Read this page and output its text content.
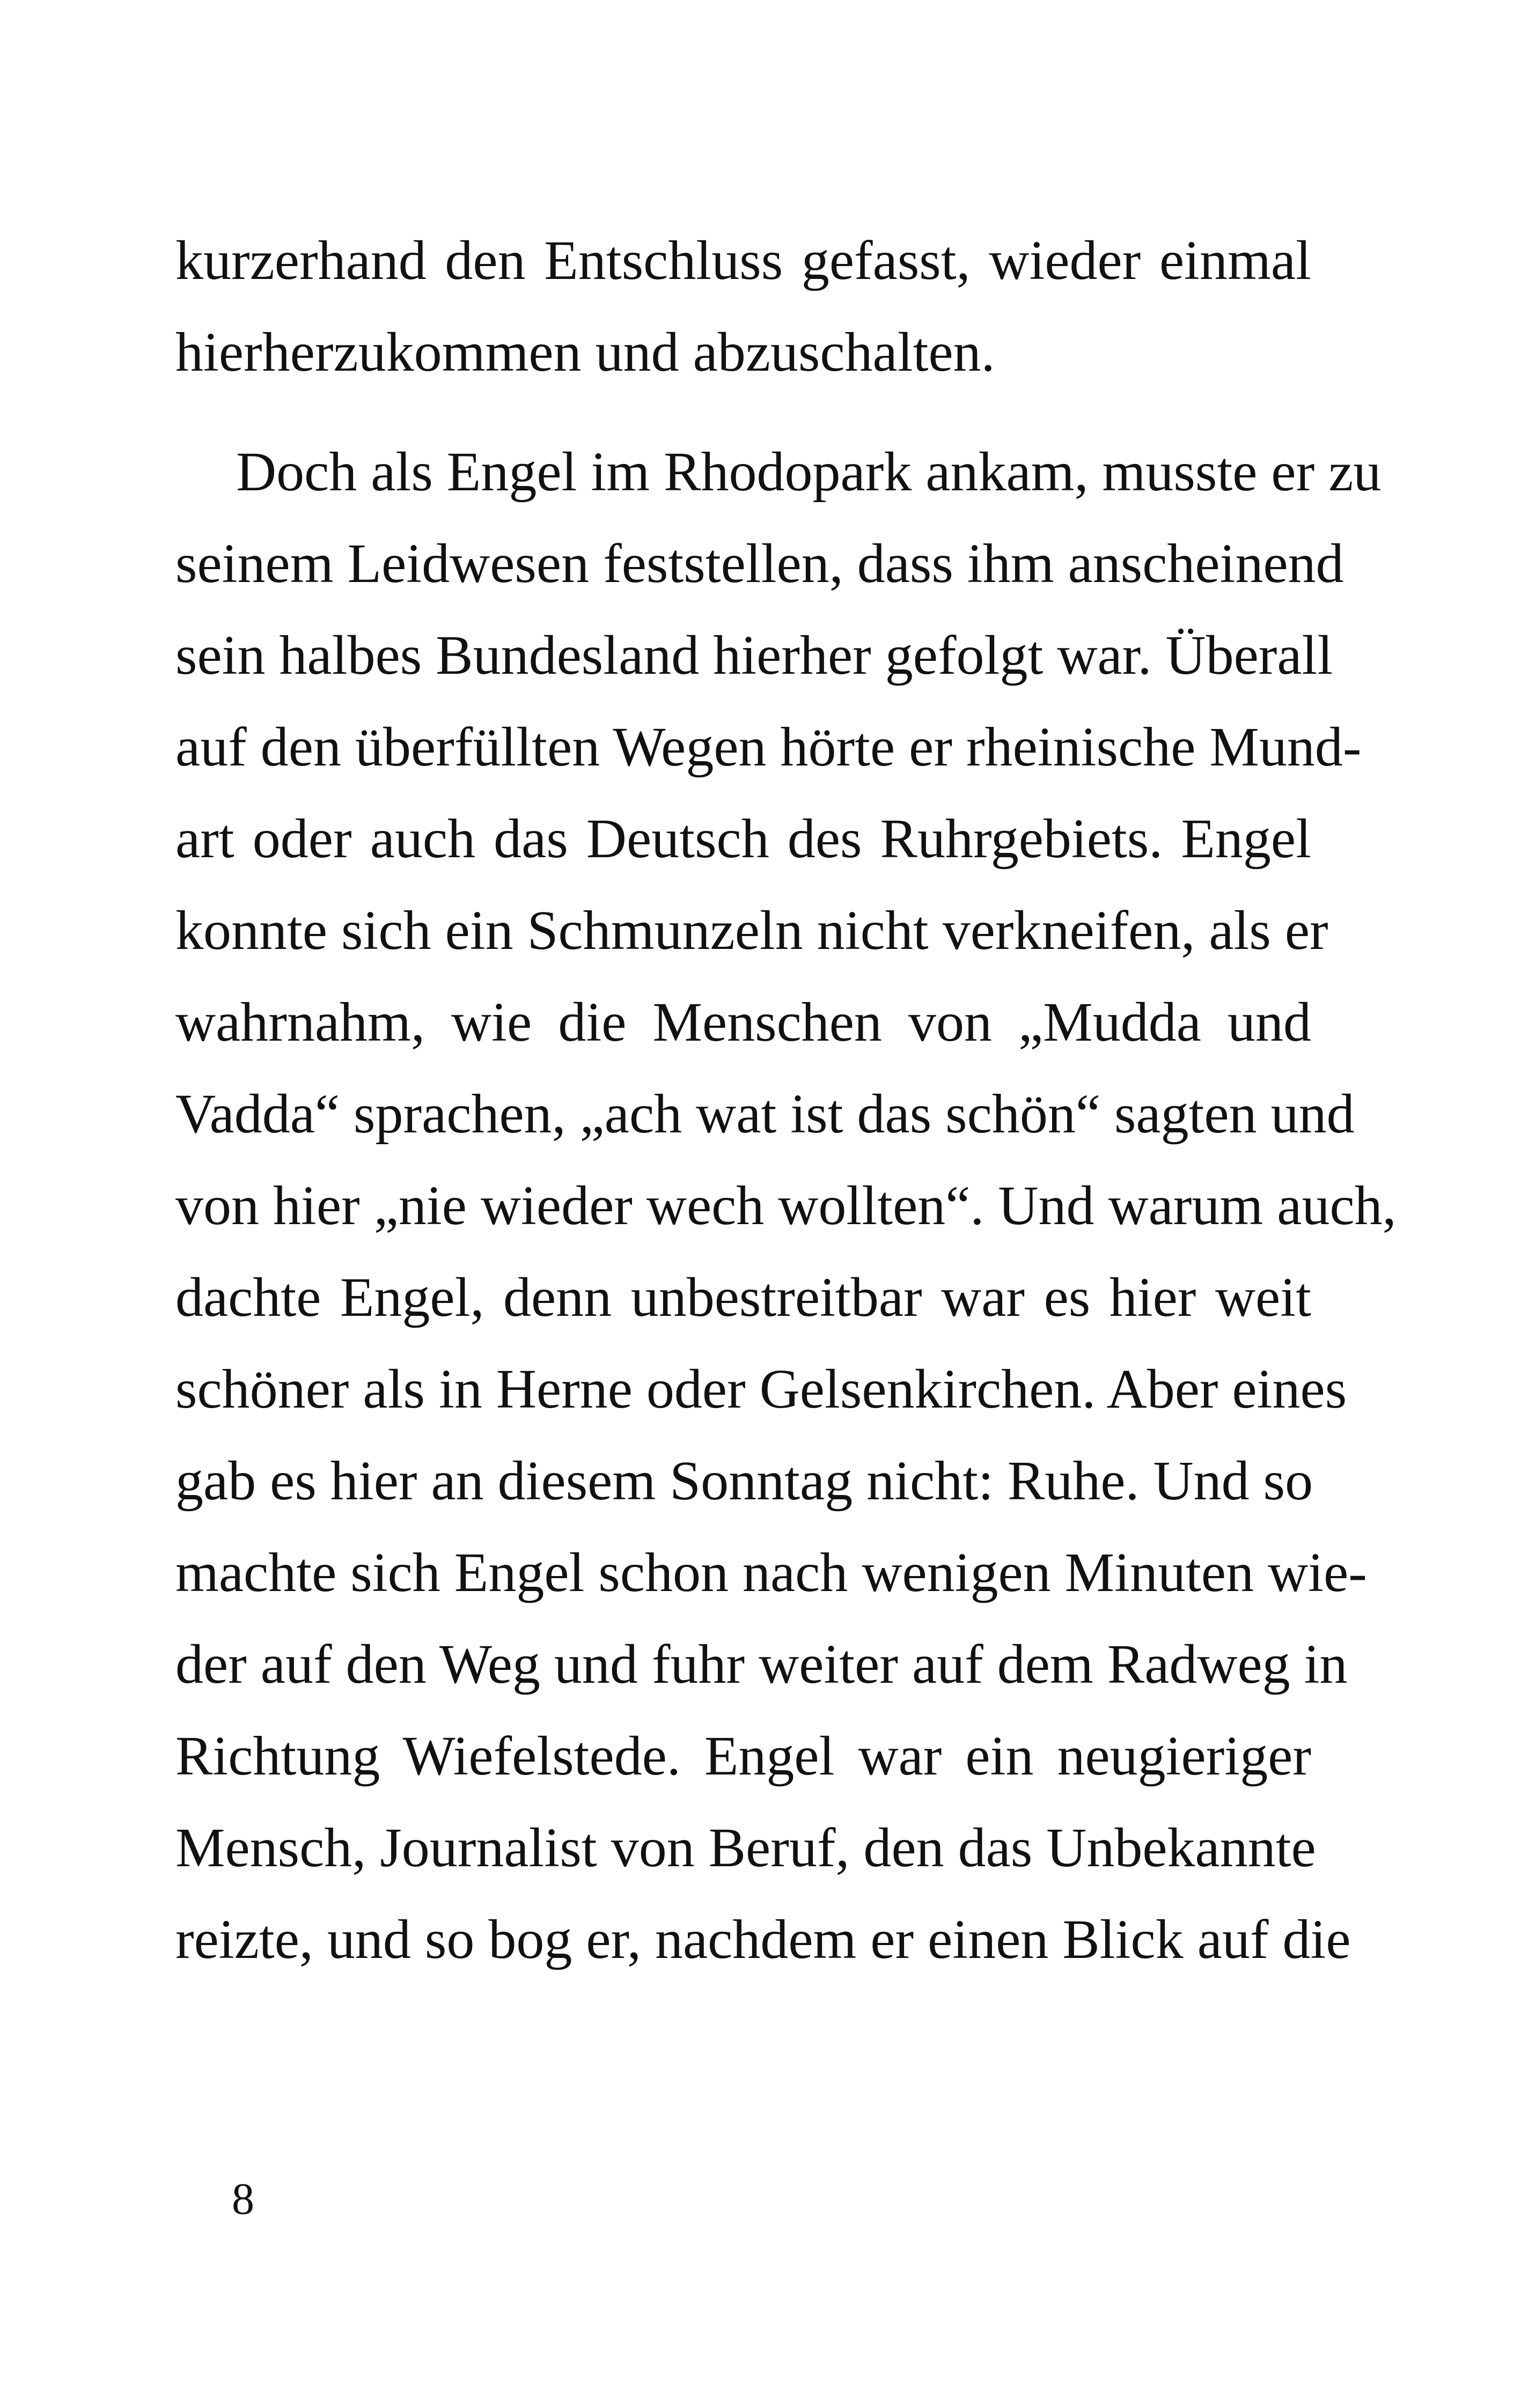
kurzerhand den Entschluss gefasst, wieder einmal
hierherzukommen und abzuschalten.
Doch als Engel im Rhodopark ankam, musste er zu
seinem Leidwesen feststellen, dass ihm anscheinend
sein halbes Bundesland hierher gefolgt war. Überall
auf den überfüllten Wegen hörte er rheinische Mund-
art oder auch das Deutsch des Ruhrgebiets. Engel
konnte sich ein Schmunzeln nicht verkneifen, als er
wahrnahm, wie die Menschen von „Mudda und
Vadda“ sprachen, „ach wat ist das schön“ sagten und
von hier „nie wieder wech wollten“. Und warum auch,
dachte Engel, denn unbestreitbar war es hier weit
schöner als in Herne oder Gelsenkirchen. Aber eines
gab es hier an diesem Sonntag nicht: Ruhe. Und so
machte sich Engel schon nach wenigen Minuten wie-
der auf den Weg und fuhr weiter auf dem Radweg in
Richtung Wiefelstede. Engel war ein neugieriger
Mensch, Journalist von Beruf, den das Unbekannte
reizte, und so bog er, nachdem er einen Blick auf die
8
